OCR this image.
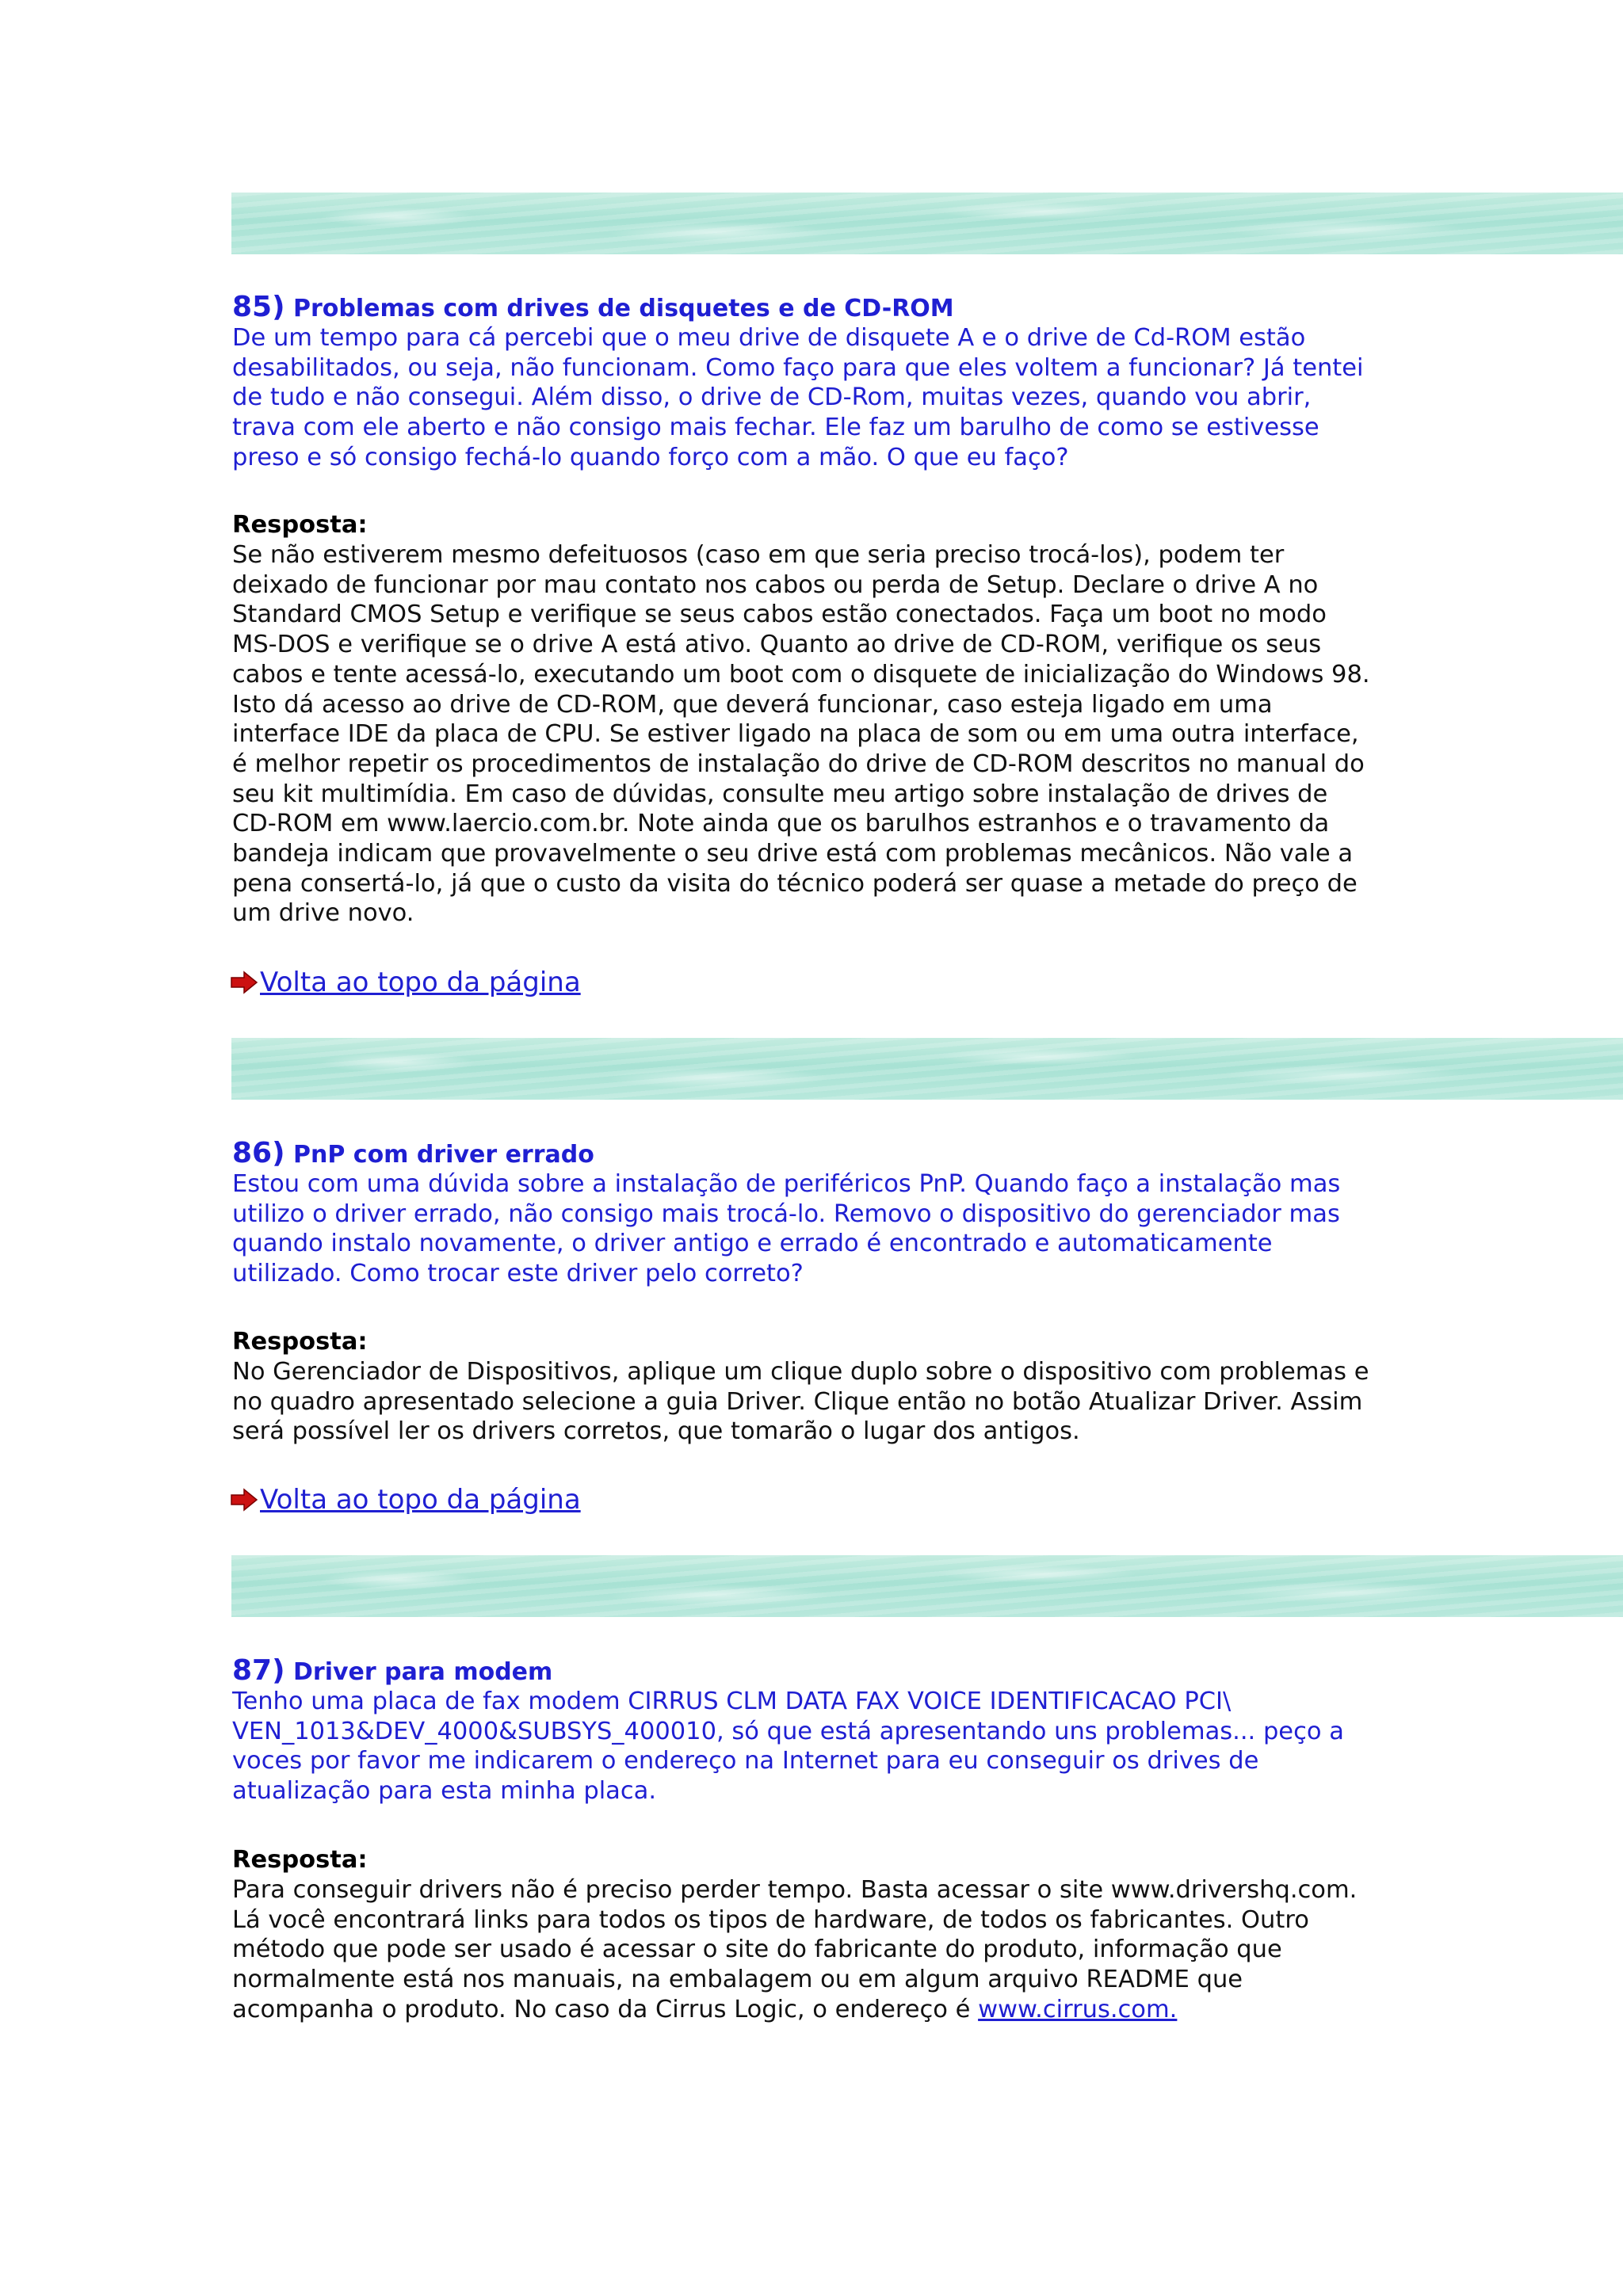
85) Problemas com drives de disquetes e de CD-ROM
De um tempo para cá percebi que o meu drive de disquete A e o drive de Cd-ROM estão
desabilitados, ou seja, não funcionam. Como faço para que eles voltem a funcionar? Já tentei
de tudo e não consegui. Além disso, o drive de CD-Rom, muitas vezes, quando vou abrir,
trava com ele aberto e não consigo mais fechar. Ele faz um barulho de como se estivesse
preso e só consigo fechá-lo quando forço com a mão. O que eu faço?
Resposta:
Se não estiverem mesmo defeituosos (caso em que seria preciso trocá-los), podem ter
deixado de funcionar por mau contato nos cabos ou perda de Setup. Declare o drive A no
Standard CMOS Setup e verifique se seus cabos estão conectados. Faça um boot no modo
MS-DOS e verifique se o drive A está ativo. Quanto ao drive de CD-ROM, verifique os seus
cabos e tente acessá-lo, executando um boot com o disquete de inicialização do Windows 98.
Isto dá acesso ao drive de CD-ROM, que deverá funcionar, caso esteja ligado em uma
interface IDE da placa de CPU. Se estiver ligado na placa de som ou em uma outra interface,
é melhor repetir os procedimentos de instalação do drive de CD-ROM descritos no manual do
seu kit multimídia. Em caso de dúvidas, consulte meu artigo sobre instalação de drives de
CD-ROM em www.laercio.com.br. Note ainda que os barulhos estranhos e o travamento da
bandeja indicam que provavelmente o seu drive está com problemas mecânicos. Não vale a
pena consertá-lo, já que o custo da visita do técnico poderá ser quase a metade do preço de
um drive novo.
Volta ao topo da página
86) PnP com driver errado
Estou com uma dúvida sobre a instalação de periféricos PnP. Quando faço a instalação mas
utilizo o driver errado, não consigo mais trocá-lo. Removo o dispositivo do gerenciador mas
quando instalo novamente, o driver antigo e errado é encontrado e automaticamente
utilizado. Como trocar este driver pelo correto?
Resposta:
No Gerenciador de Dispositivos, aplique um clique duplo sobre o dispositivo com problemas e
no quadro apresentado selecione a guia Driver. Clique então no botão Atualizar Driver. Assim
será possível ler os drivers corretos, que tomarão o lugar dos antigos.
Volta ao topo da página
87) Driver para modem
Tenho uma placa de fax modem CIRRUS CLM DATA FAX VOICE IDENTIFICACAO PCI\
VEN_1013&DEV_4000&SUBSYS_400010, só que está apresentando uns problemas... peço a
voces por favor me indicarem o endereço na Internet para eu conseguir os drives de
atualização para esta minha placa.
Resposta:
Para conseguir drivers não é preciso perder tempo. Basta acessar o site www.drivershq.com.
Lá você encontrará links para todos os tipos de hardware, de todos os fabricantes. Outro
método que pode ser usado é acessar o site do fabricante do produto, informação que
normalmente está nos manuais, na embalagem ou em algum arquivo README que
acompanha o produto. No caso da Cirrus Logic, o endereço é www.cirrus.com.
